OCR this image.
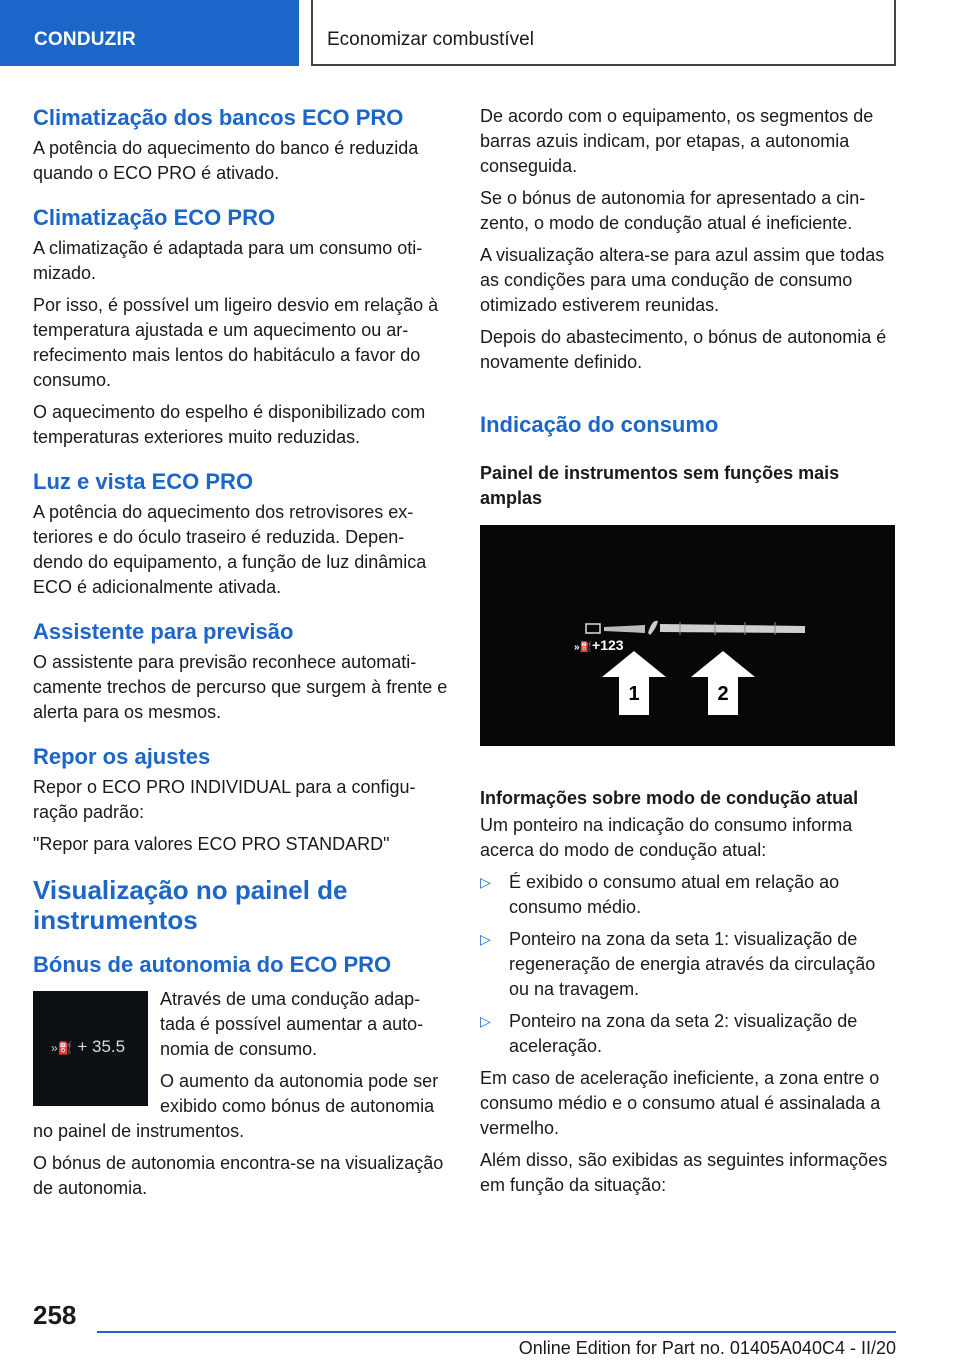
CONDUZIR	Economizar combustível
Climatização dos bancos ECO PRO

A potência do aquecimento do banco é reduzida quando o ECO PRO é ativado.

Climatização ECO PRO

A climatização é adaptada para um consumo otimizado.

Por isso, é possível um ligeiro desvio em relação à temperatura ajustada e um aquecimento ou arrefecimento mais lentos do habitáculo a favor do consumo.

O aquecimento do espelho é disponibilizado com temperaturas exteriores muito reduzidas.

Luz e vista ECO PRO

A potência do aquecimento dos retrovisores exteriores e do óculo traseiro é reduzida. Dependendo do equipamento, a função de luz dinâmica ECO é adicionalmente ativada.

Assistente para previsão

O assistente para previsão reconhece automaticamente trechos de percurso que surgem à frente e alerta para os mesmos.

Repor os ajustes

Repor o ECO PRO INDIVIDUAL para a configuração padrão:

"Repor para valores ECO PRO STANDARD"

Visualização no painel de instrumentos
Bónus de autonomia do ECO PRO
»⛽ + 35.5

Através de uma condução adaptada é possível aumentar a autonomia de consumo.

O aumento da autonomia pode ser exibido como bónus de autonomia no painel de instrumentos.

O bónus de autonomia encontra-se na visualização de autonomia.

De acordo com o equipamento, os segmentos de barras azuis indicam, por etapas, a autonomia conseguida.

Se o bónus de autonomia for apresentado a cinzento, o modo de condução atual é ineficiente.

A visualização altera-se para azul assim que todas as condições para uma condução de consumo otimizado estiverem reunidas.

Depois do abastecimento, o bónus de autonomia é novamente definido.

Indicação do consumo
Painel de instrumentos sem funções mais amplas
»⛽+123
1	2
Informações sobre modo de condução atual

Um ponteiro na indicação do consumo informa acerca do modo de condução atual:

▷ É exibido o consumo atual em relação ao consumo médio.
▷ Ponteiro na zona da seta 1: visualização de regeneração de energia através da circulação ou na travagem.
▷ Ponteiro na zona da seta 2: visualização de aceleração.

Em caso de aceleração ineficiente, a zona entre o consumo médio e o consumo atual é assinalada a vermelho.

Além disso, são exibidas as seguintes informações em função da situação:

258
Online Edition for Part no. 01405A040C4 - II/20
